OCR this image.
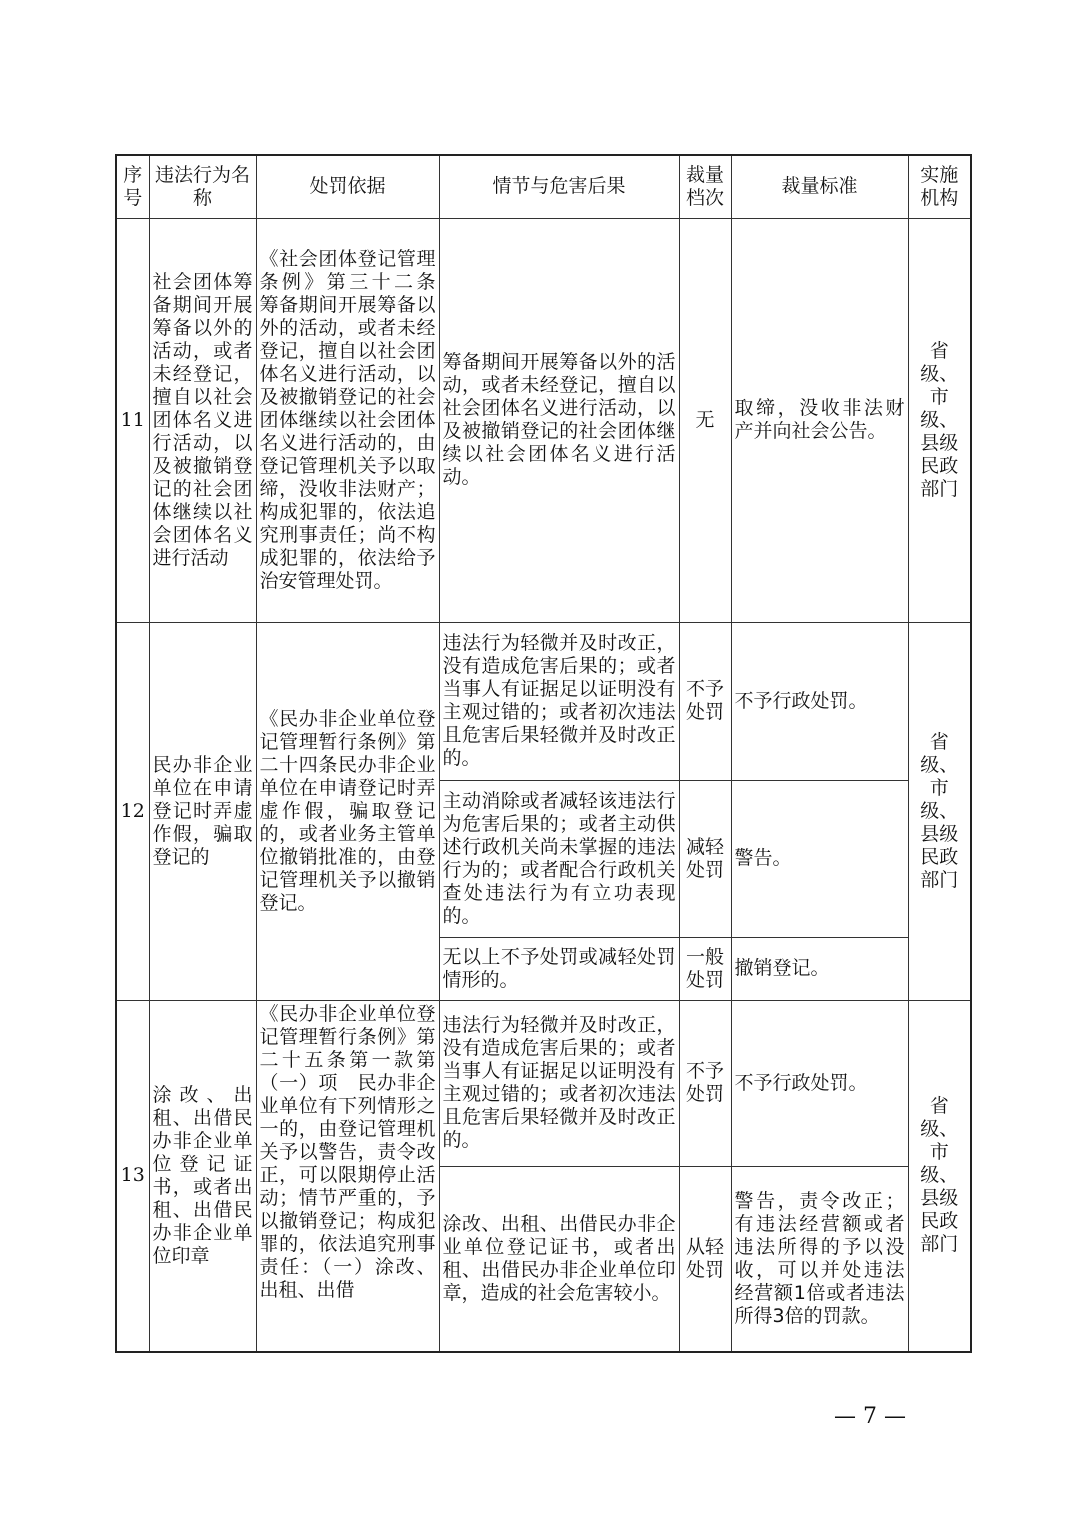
序号	违法行为名称	处罚依据	情节与危害后果	裁量档次	裁量标准	实施机构
11	社会团体筹备期间开展筹备以外的活动，或者未经登记，擅自以社会团体名义进行活动，以及被撤销登记的社会团体继续以社会团体名义进行活动	《社会团体登记管理条例》第三十二条　筹备期间开展筹备以外的活动，或者未经登记，擅自以社会团体名义进行活动，以及被撤销登记的社会团体继续以社会团体名义进行活动的，由登记管理机关予以取缔，没收非法财产；构成犯罪的，依法追究刑事责任；尚不构成犯罪的，依法给予治安管理处罚。	筹备期间开展筹备以外的活动，或者未经登记，擅自以社会团体名义进行活动，以及被撤销登记的社会团体继续以社会团体名义进行活动。	无	取缔，没收非法财产并向社会公告。	省级、市级、县级民政部门
12	民办非企业单位在申请登记时弄虚作假，骗取登记的	《民办非企业单位登记管理暂行条例》第二十四条民办非企业单位在申请登记时弄虚作假，骗取登记的，或者业务主管单位撤销批准的，由登记管理机关予以撤销登记。	违法行为轻微并及时改正，没有造成危害后果的；或者当事人有证据足以证明没有主观过错的；或者初次违法且危害后果轻微并及时改正的。	不予处罚	不予行政处罚。	省级、市级、县级民政部门
			主动消除或者减轻该违法行为危害后果的；或者主动供述行政机关尚未掌握的违法行为的；或者配合行政机关查处违法行为有立功表现的。	减轻处罚	警告。	
			无以上不予处罚或减轻处罚情形的。	一般处罚	撤销登记。	
13	涂改、出租、出借民办非企业单位登记证书，或者出租、出借民办非企业单位印章	《民办非企业单位登记管理暂行条例》第二十五条第一款第（一）项　民办非企业单位有下列情形之一的，由登记管理机关予以警告，责令改正，可以限期停止活动；情节严重的，予以撤销登记；构成犯罪的，依法追究刑事责任：（一）涂改、出租、出借	违法行为轻微并及时改正，没有造成危害后果的；或者当事人有证据足以证明没有主观过错的；或者初次违法且危害后果轻微并及时改正的。	不予处罚	不予行政处罚。	省级、市级、县级民政部门
			涂改、出租、出借民办非企业单位登记证书，或者出租、出借民办非企业单位印章，造成的社会危害较小。	从轻处罚	警告，责令改正；有违法经营额或者违法所得的予以没收，可以并处违法经营额1倍或者违法所得3倍的罚款。	
— 7 —
